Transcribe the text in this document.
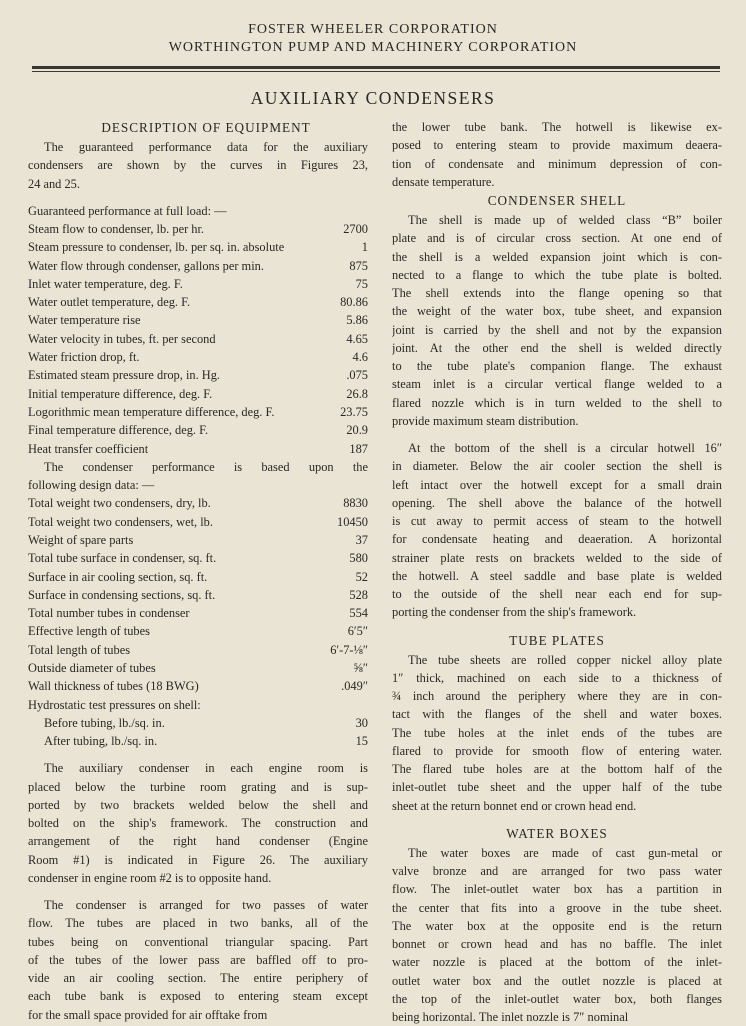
FOSTER WHEELER CORPORATION
WORTHINGTON PUMP AND MACHINERY CORPORATION
AUXILIARY CONDENSERS
DESCRIPTION OF EQUIPMENT
The guaranteed performance data for the auxiliary
condensers are shown by the curves in Figures 23,
24 and 25.
Guaranteed performance at full load: —
Steam flow to condenser, lb. per hr.	2700
Steam pressure to condenser, lb. per sq. in. absolute	1
Water flow through condenser, gallons per min.	875
Inlet water temperature, deg. F.	75
Water outlet temperature, deg. F.	80.86
Water temperature rise	5.86
Water velocity in tubes, ft. per second	4.65
Water friction drop, ft.	4.6
Estimated steam pressure drop, in. Hg.	.075
Initial temperature difference, deg. F.	26.8
Logorithmic mean temperature difference, deg. F.	23.75
Final temperature difference, deg. F.	20.9
Heat transfer coefficient	187
The condenser performance is based upon the
following design data: —
Total weight two condensers, dry, lb.	8830
Total weight two condensers, wet, lb.	10450
Weight of spare parts	37
Total tube surface in condenser, sq. ft.	580
Surface in air cooling section, sq. ft.	52
Surface in condensing sections, sq. ft.	528
Total number tubes in condenser	554
Effective length of tubes	6′5″
Total length of tubes	6′-7-⅛″
Outside diameter of tubes	⅝″
Wall thickness of tubes (18 BWG)	.049″
Hydrostatic test pressures on shell:
Before tubing, lb./sq. in.	30
After tubing, lb./sq. in.	15
The auxiliary condenser in each engine room is
placed below the turbine room grating and is sup-
ported by two brackets welded below the shell and
bolted on the ship's framework. The construction and
arrangement of the right hand condenser (Engine
Room #1) is indicated in Figure 26. The auxiliary
condenser in engine room #2 is to opposite hand.
The condenser is arranged for two passes of water
flow. The tubes are placed in two banks, all of the
tubes being on conventional triangular spacing. Part
of the tubes of the lower pass are baffled off to pro-
vide an air cooling section. The entire periphery of
each tube bank is exposed to entering steam except
for the small space provided for air offtake from
the lower tube bank. The hotwell is likewise ex-
posed to entering steam to provide maximum deaera-
tion of condensate and minimum depression of con-
densate temperature.
CONDENSER SHELL
The shell is made up of welded class “B” boiler
plate and is of circular cross section. At one end of
the shell is a welded expansion joint which is con-
nected to a flange to which the tube plate is bolted.
The shell extends into the flange opening so that
the weight of the water box, tube sheet, and expansion
joint is carried by the shell and not by the expansion
joint. At the other end the shell is welded directly
to the tube plate's companion flange. The exhaust
steam inlet is a circular vertical flange welded to a
flared nozzle which is in turn welded to the shell to
provide maximum steam distribution.
At the bottom of the shell is a circular hotwell 16″
in diameter. Below the air cooler section the shell is
left intact over the hotwell except for a small drain
opening. The shell above the balance of the hotwell
is cut away to permit access of steam to the hotwell
for condensate heating and deaeration. A horizontal
strainer plate rests on brackets welded to the side of
the hotwell. A steel saddle and base plate is welded
to the outside of the shell near each end for sup-
porting the condenser from the ship's framework.
TUBE PLATES
The tube sheets are rolled copper nickel alloy plate
1″ thick, machined on each side to a thickness of
¾ inch around the periphery where they are in con-
tact with the flanges of the shell and water boxes.
The tube holes at the inlet ends of the tubes are
flared to provide for smooth flow of entering water.
The flared tube holes are at the bottom half of the
inlet-outlet tube sheet and the upper half of the tube
sheet at the return bonnet end or crown head end.
WATER BOXES
The water boxes are made of cast gun-metal or
valve bronze and are arranged for two pass water
flow. The inlet-outlet water box has a partition in
the center that fits into a groove in the tube sheet.
The water box at the opposite end is the return
bonnet or crown head and has no baffle. The inlet
water nozzle is placed at the bottom of the inlet-
outlet water box and the outlet nozzle is placed at
the top of the inlet-outlet water box, both flanges
being horizontal. The inlet nozzle is 7″ nominal
